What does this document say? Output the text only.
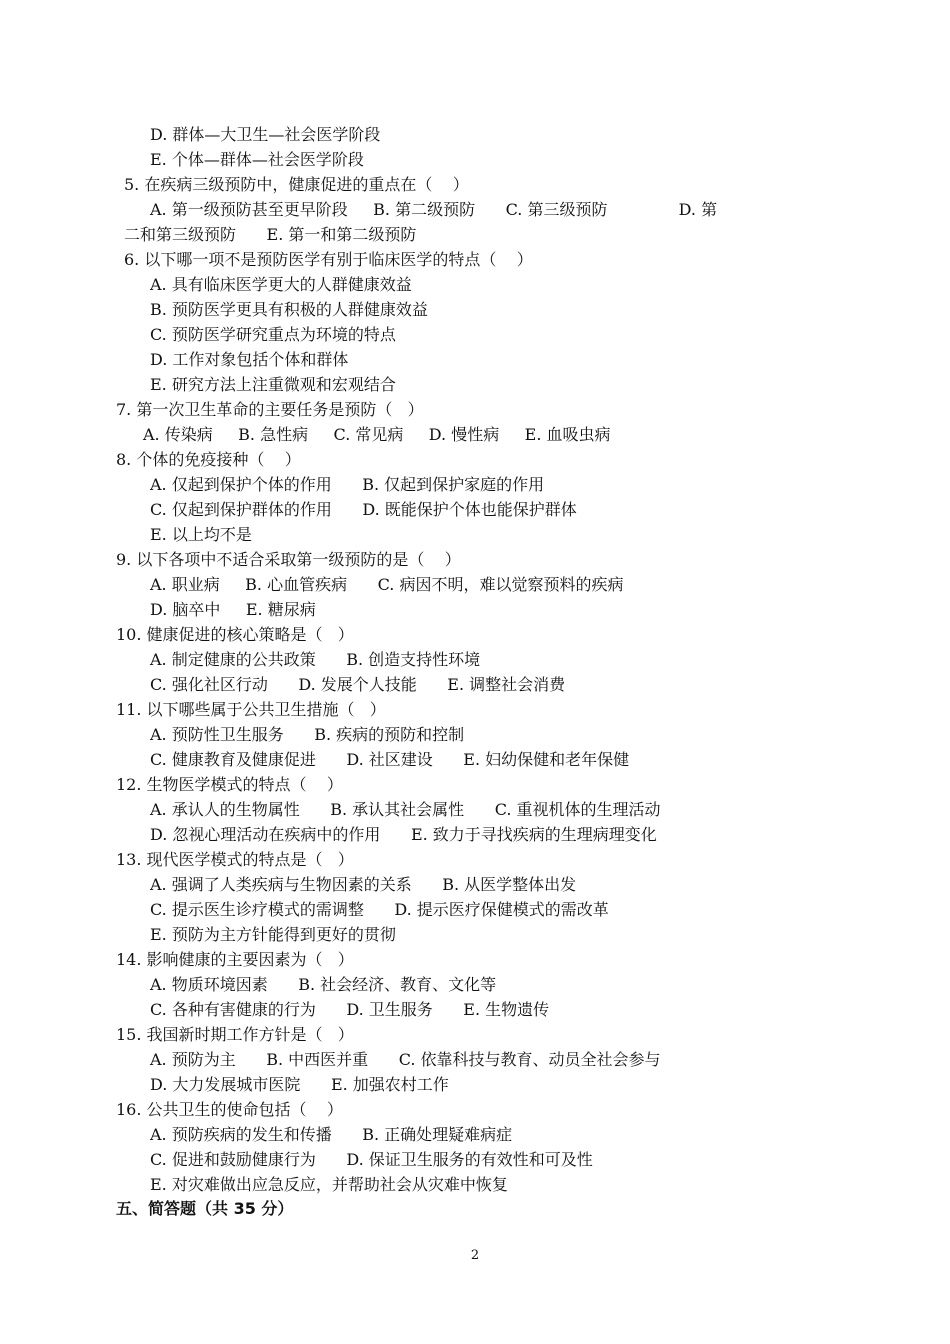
D. 群体—大卫生—社会医学阶段
E. 个体—群体—社会医学阶段
5. 在疾病三级预防中，健康促进的重点在（    ）
A. 第一级预防甚至更早阶段     B. 第二级预防      C. 第三级预防              D. 第
二和第三级预防      E. 第一和第二级预防
6. 以下哪一项不是预防医学有别于临床医学的特点（    ）
A. 具有临床医学更大的人群健康效益
B. 预防医学更具有积极的人群健康效益
C. 预防医学研究重点为环境的特点
D. 工作对象包括个体和群体
E. 研究方法上注重微观和宏观结合
7. 第一次卫生革命的主要任务是预防（   ）
A. 传染病     B. 急性病     C. 常见病     D. 慢性病     E. 血吸虫病
8. 个体的免疫接种（    ）
A. 仅起到保护个体的作用      B. 仅起到保护家庭的作用
C. 仅起到保护群体的作用      D. 既能保护个体也能保护群体
E. 以上均不是
9. 以下各项中不适合采取第一级预防的是（    ）
A. 职业病     B. 心血管疾病      C. 病因不明，难以觉察预料的疾病
D. 脑卒中     E. 糖尿病
10. 健康促进的核心策略是（   ）
A. 制定健康的公共政策      B. 创造支持性环境
C. 强化社区行动      D. 发展个人技能      E. 调整社会消费
11. 以下哪些属于公共卫生措施（   ）
A. 预防性卫生服务      B. 疾病的预防和控制
C. 健康教育及健康促进      D. 社区建设      E. 妇幼保健和老年保健
12. 生物医学模式的特点（    ）
A. 承认人的生物属性      B. 承认其社会属性      C. 重视机体的生理活动
D. 忽视心理活动在疾病中的作用      E. 致力于寻找疾病的生理病理变化
13. 现代医学模式的特点是（   ）
A. 强调了人类疾病与生物因素的关系      B. 从医学整体出发
C. 提示医生诊疗模式的需调整      D. 提示医疗保健模式的需改革
E. 预防为主方针能得到更好的贯彻
14. 影响健康的主要因素为（   ）
A. 物质环境因素      B. 社会经济、教育、文化等
C. 各种有害健康的行为      D. 卫生服务      E. 生物遗传
15. 我国新时期工作方针是（   ）
A. 预防为主      B. 中西医并重      C. 依靠科技与教育、动员全社会参与
D. 大力发展城市医院      E. 加强农村工作
16. 公共卫生的使命包括（    ）
A. 预防疾病的发生和传播      B. 正确处理疑难病症
C. 促进和鼓励健康行为      D. 保证卫生服务的有效性和可及性
E. 对灾难做出应急反应，并帮助社会从灾难中恢复
五、简答题（共 35 分）
2
